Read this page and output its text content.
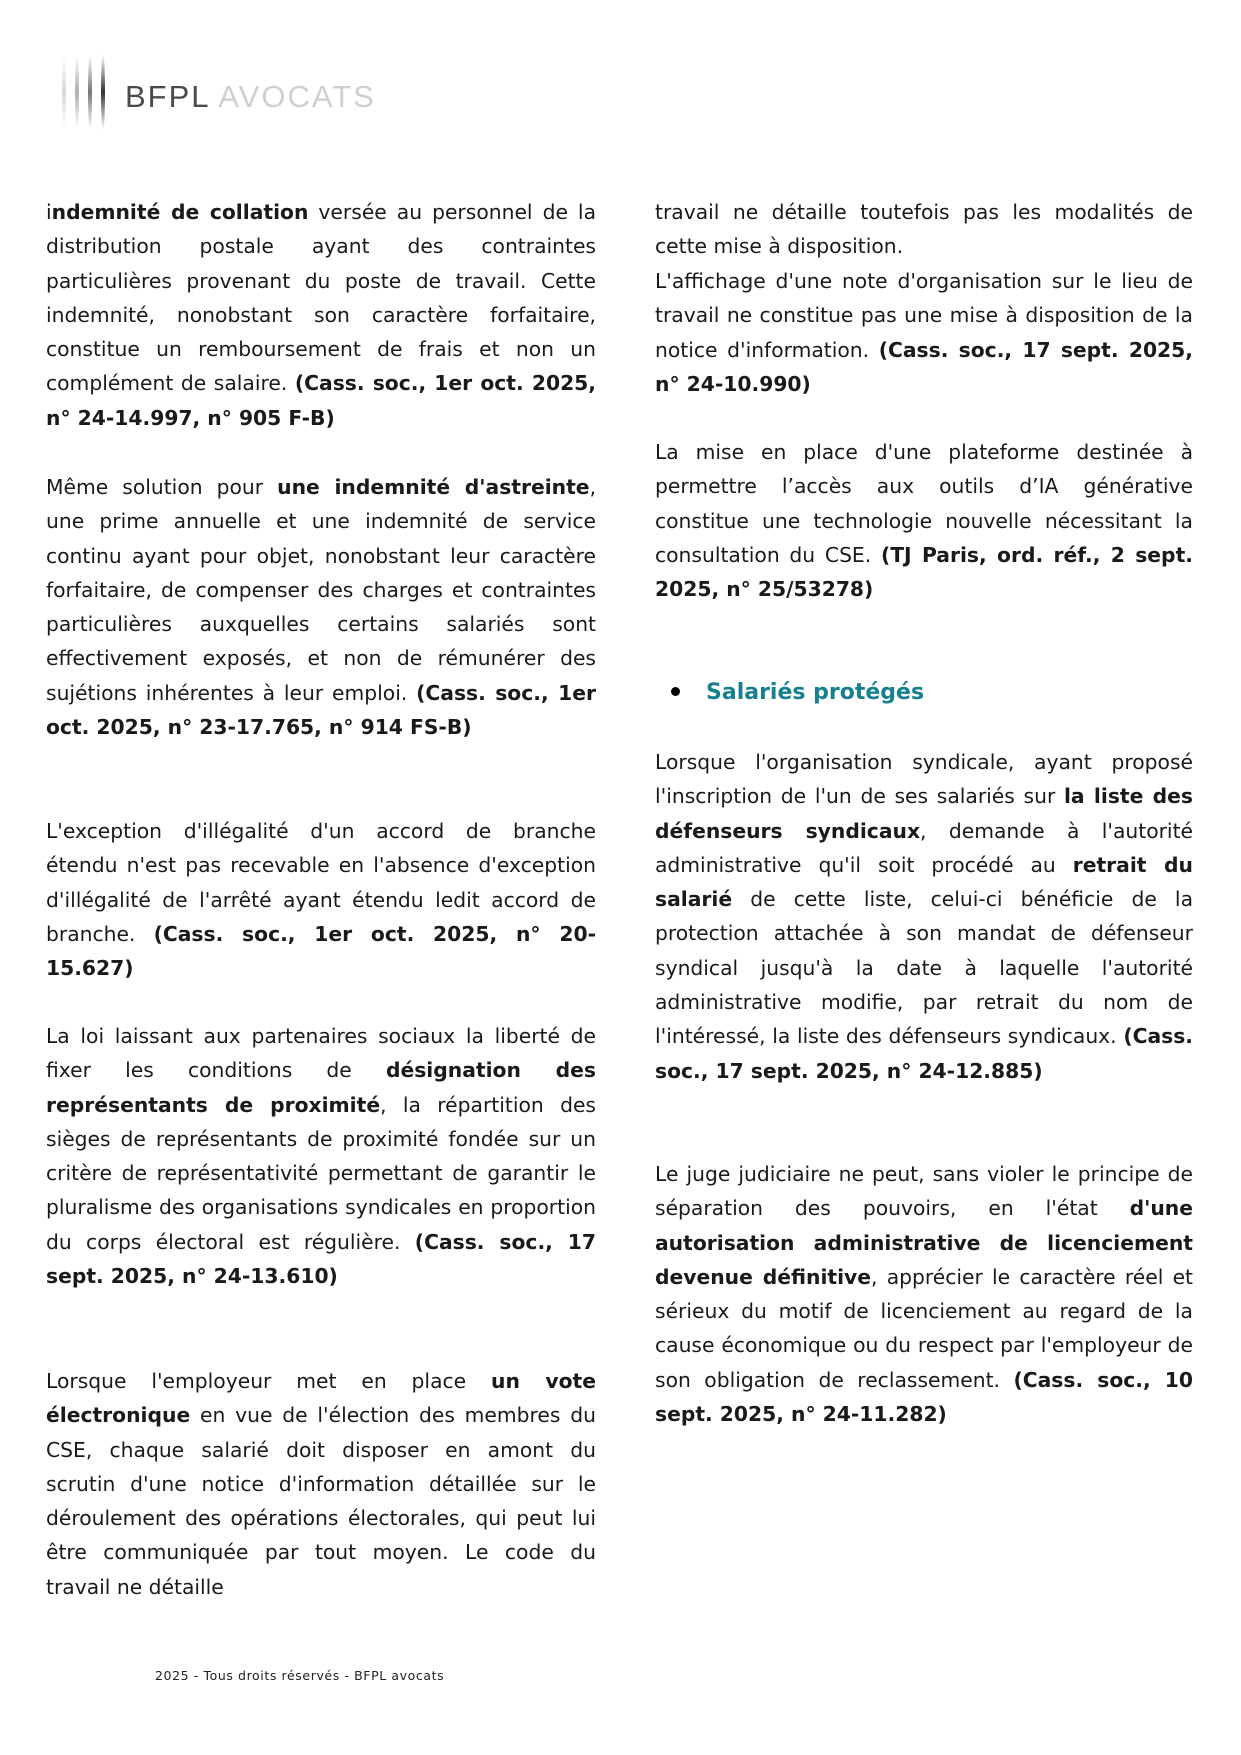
BFPL AVOCATS

indemnité de collation versée au personnel de la distribution postale ayant des contraintes particulières provenant du poste de travail. Cette indemnité, nonobstant son caractère forfaitaire, constitue un remboursement de frais et non un complément de salaire. (Cass. soc., 1er oct. 2025, n° 24-14.997, n° 905 F-B)

Même solution pour une indemnité d'astreinte, une prime annuelle et une indemnité de service continu ayant pour objet, nonobstant leur caractère forfaitaire, de compenser des charges et contraintes particulières auxquelles certains salariés sont effectivement exposés, et non de rémunérer des sujétions inhérentes à leur emploi. (Cass. soc., 1er oct. 2025, n° 23-17.765, n° 914 FS-B)

L'exception d'illégalité d'un accord de branche étendu n'est pas recevable en l'absence d'exception d'illégalité de l'arrêté ayant étendu ledit accord de branche. (Cass. soc., 1er oct. 2025, n° 20-15.627)

La loi laissant aux partenaires sociaux la liberté de fixer les conditions de désignation des représentants de proximité, la répartition des sièges de représentants de proximité fondée sur un critère de représentativité permettant de garantir le pluralisme des organisations syndicales en proportion du corps électoral est régulière. (Cass. soc., 17 sept. 2025, n° 24-13.610)

Lorsque l'employeur met en place un vote électronique en vue de l'élection des membres du CSE, chaque salarié doit disposer en amont du scrutin d'une notice d'information détaillée sur le déroulement des opérations électorales, qui peut lui être communiquée par tout moyen. Le code du travail ne détaille

travail ne détaille toutefois pas les modalités de cette mise à disposition.

L'affichage d'une note d'organisation sur le lieu de travail ne constitue pas une mise à disposition de la notice d'information. (Cass. soc., 17 sept. 2025, n° 24-10.990)

La mise en place d'une plateforme destinée à permettre l’accès aux outils d’IA générative constitue une technologie nouvelle nécessitant la consultation du CSE. (TJ Paris, ord. réf., 2 sept. 2025, n° 25/53278)

Salariés protégés

Lorsque l'organisation syndicale, ayant proposé l'inscription de l'un de ses salariés sur la liste des défenseurs syndicaux, demande à l'autorité administrative qu'il soit procédé au retrait du salarié de cette liste, celui-ci bénéficie de la protection attachée à son mandat de défenseur syndical jusqu'à la date à laquelle l'autorité administrative modifie, par retrait du nom de l'intéressé, la liste des défenseurs syndicaux. (Cass. soc., 17 sept. 2025, n° 24-12.885)

Le juge judiciaire ne peut, sans violer le principe de séparation des pouvoirs, en l'état d'une autorisation administrative de licenciement devenue définitive, apprécier le caractère réel et sérieux du motif de licenciement au regard de la cause économique ou du respect par l'employeur de son obligation de reclassement. (Cass. soc., 10 sept. 2025, n° 24-11.282)

2025 - Tous droits réservés - BFPL avocats
